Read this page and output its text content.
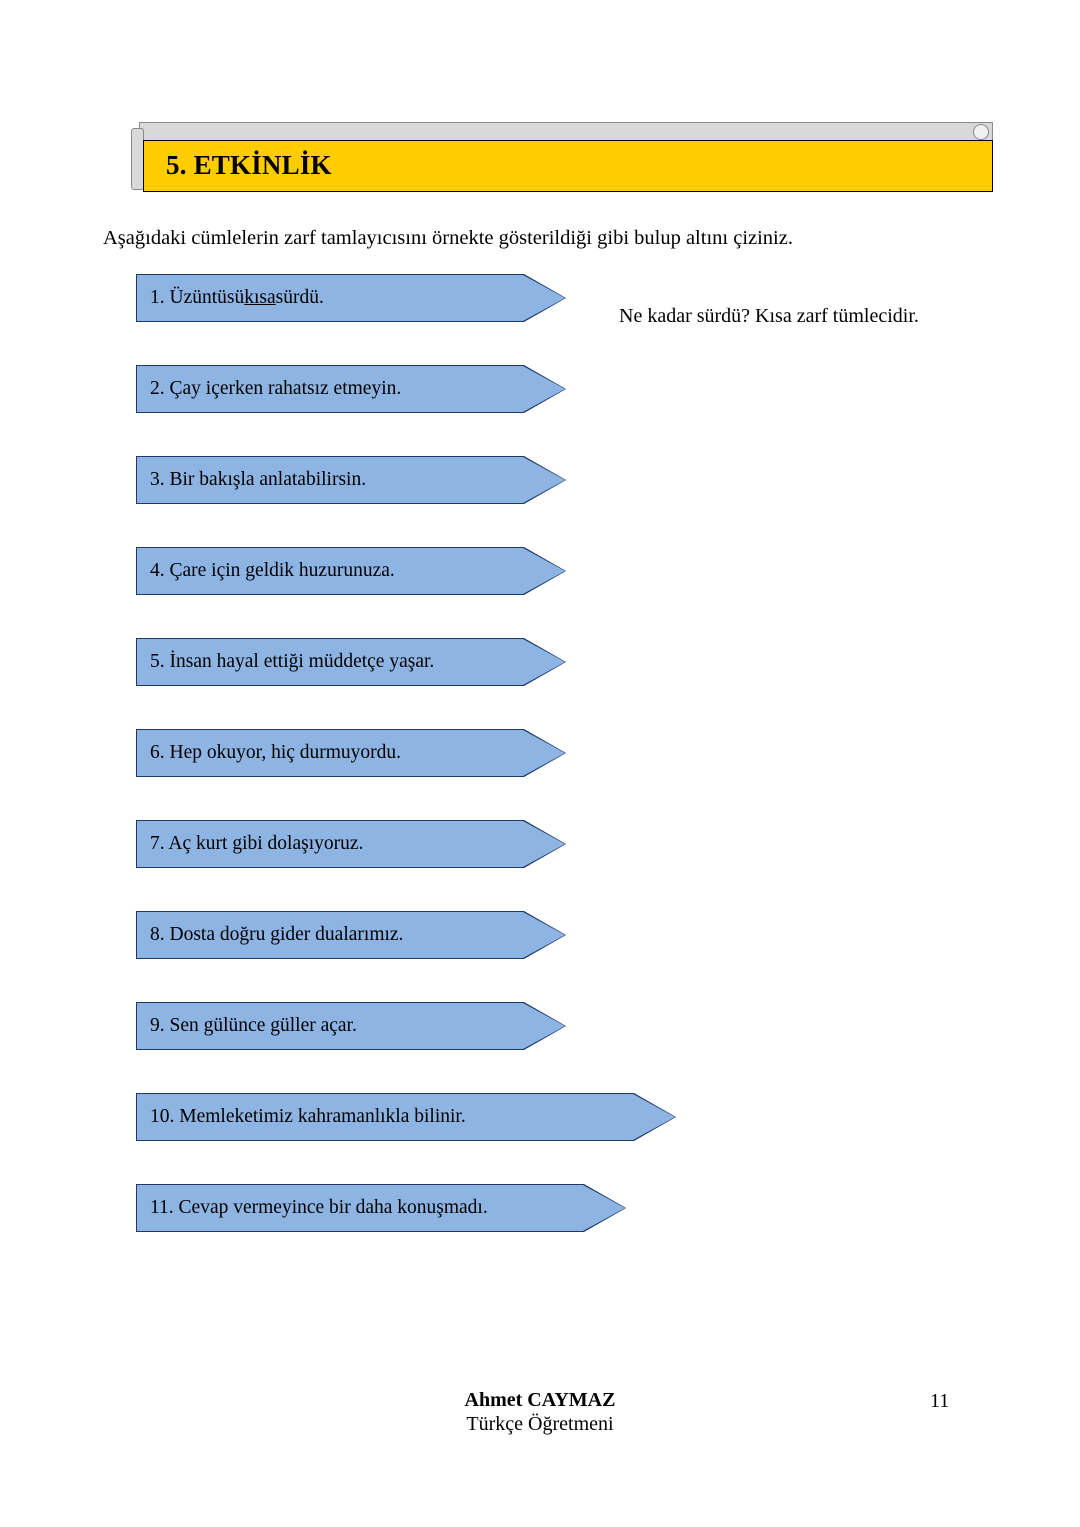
5. ETKİNLİK
Aşağıdaki cümlelerin zarf tamlayıcısını örnekte gösterildiği gibi bulup altını çiziniz.
Ne kadar sürdü? Kısa zarf tümlecidir.
1. Üzüntüsü kısa sürdü.
2. Çay içerken rahatsız etmeyin.
3. Bir bakışla anlatabilirsin.
4. Çare için geldik huzurunuza.
5. İnsan hayal ettiği müddetçe yaşar.
6. Hep okuyor, hiç durmuyordu.
7. Aç kurt gibi dolaşıyoruz.
8. Dosta doğru gider dualarımız.
9. Sen gülünce güller açar.
10. Memleketimiz kahramanlıkla bilinir.
11. Cevap vermeyince bir daha konuşmadı.
Ahmet CAYMAZ
Türkçe Öğretmeni
11
